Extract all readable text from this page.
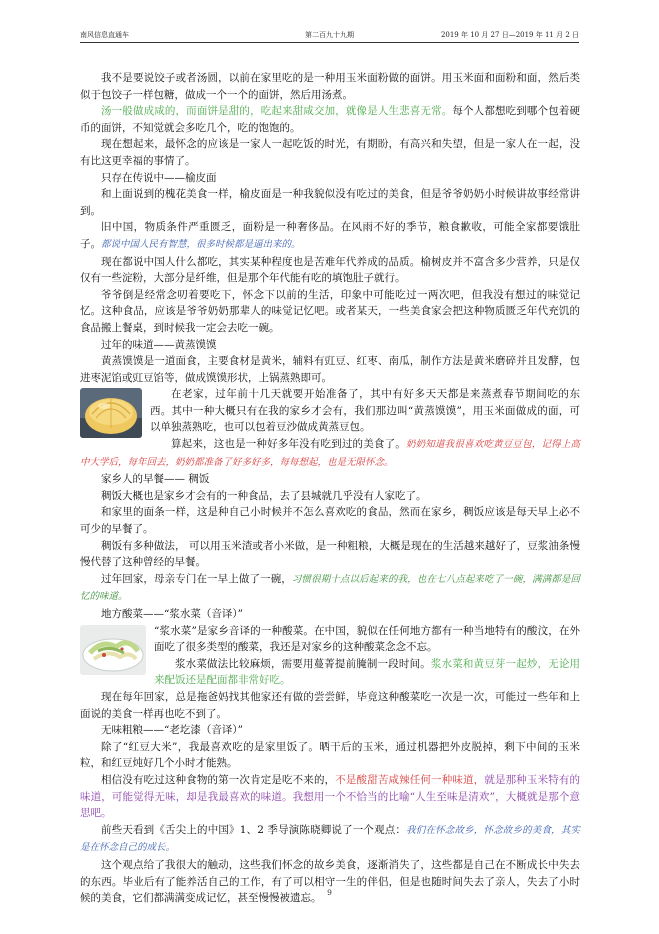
南风信息直通车	第二百九十九期	2019 年 10 月 27 日—2019 年 11 月 2 日

我不是要说饺子或者汤圆，以前在家里吃的是一种用玉米面粉做的面饼。用玉米面和面粉和面，然后类似于包饺子一样包糖，做成一个一个的面饼，然后用汤煮。

汤一般做成咸的，而面饼是甜的，吃起来甜咸交加，就像是人生悲喜无常。每个人都想吃到哪个包着硬币的面饼，不知觉就会多吃几个，吃的饱饱的。

现在想起来，最怀念的应该是一家人一起吃饭的时光，有期盼，有高兴和失望，但是一家人在一起，没有比这更幸福的事情了。

只存在传说中——榆皮面

和上面说到的槐花美食一样，榆皮面是一种我貌似没有吃过的美食，但是爷爷奶奶小时候讲故事经常讲到。

旧中国，物质条件严重匮乏，面粉是一种奢侈品。在风雨不好的季节，粮食歉收，可能全家都要饿肚子。都说中国人民有智慧，很多时候都是逼出来的。

现在都说中国人什么都吃，其实某种程度也是苦难年代养成的品质。榆树皮并不富含多少营养，只是仅仅有一些淀粉，大部分是纤维，但是那个年代能有吃的填饱肚子就行。

爷爷倒是经常念叨着要吃下，怀念下以前的生活，印象中可能吃过一两次吧，但我没有想过的味觉记忆。这种食品，应该是爷爷奶奶那辈人的味觉记忆吧。或者某天，一些美食家会把这种物质匮乏年代充饥的食品搬上餐桌，到时候我一定会去吃一碗。

过年的味道——黄蒸馍馍

黄蒸馍馍是一道面食，主要食材是黄米，辅料有豇豆、红枣、南瓜，制作方法是黄米磨碎并且发酵，包进枣泥馅或豇豆馅等，做成馍馍形状，上锅蒸熟即可。

在老家，过年前十几天就要开始准备了，其中有好多天天都是来蒸煮春节期间吃的东西。其中一种大概只有在我的家乡才会有，我们那边叫“黄蒸馍馍”，用玉米面做成的面，可以单独蒸熟吃，也可以包着豆沙做成黄蒸豆包。

算起来，这也是一种好多年没有吃到过的美食了。奶奶知道我很喜欢吃黄豆豆包，记得上高中大学后，每年回去，奶奶都准备了好多好多，每每想起，也是无限怀念。

家乡人的早餐—— 稠饭

稠饭大概也是家乡才会有的一种食品，去了县城就几乎没有人家吃了。

和家里的面条一样，这是种自己小时候并不怎么喜欢吃的食品，然而在家乡，稠饭应该是每天早上必不可少的早餐了。

稠饭有多种做法， 可以用玉米渣或者小米做，是一种粗粮，大概是现在的生活越来越好了，豆浆油条慢慢代替了这种曾经的早餐。

过年回家，母亲专门在一早上做了一碗，习惯很期十点以后起来的我，也在七八点起来吃了一碗，满满都是回忆的味道。

地方酸菜——“浆水菜（音译）”

“浆水菜”是家乡音译的一种酸菜。在中国，貌似在任何地方都有一种当地特有的酸汶，在外面吃了很多类型的酸菜，我还是对家乡的这种酸菜念念不忘。

浆水菜做法比较麻烦，需要用蔓菁提前腌制一段时间。浆水菜和黄豆芽一起炒，无论用来配饭还是配面都非常好吃。

现在每年回家，总是拖爸妈找其他家还有做的尝尝鲜，毕竟这种酸菜吃一次是一次，可能过一些年和上面说的美食一样再也吃不到了。

无味粗粮——“老圪漆（音译）”

除了“红豆大米”，我最喜欢吃的是家里饭了。晒干后的玉米，通过机器把外皮脱掉，剩下中间的玉米粒，和红豆炖好几个小时才能熟。

相信没有吃过这种食物的第一次肯定是吃不来的，不是酸甜苦咸辣任何一种味道，就是那种玉米特有的味道，可能觉得无味，却是我最喜欢的味道。我想用一个不恰当的比喻“人生至味是清欢”，大概就是那个意思吧。

前些天看到《舌尖上的中国》1、2 季导演陈晓卿说了一个观点：我们在怀念故乡，怀念故乡的美食，其实是在怀念自己的成长。

这个观点给了我很大的触动，这些我们怀念的故乡美食，逐渐消失了，这些都是自己在不断成长中失去的东西。毕业后有了能养活自己的工作，有了可以相守一生的伴侣，但是也随时间失去了亲人，失去了小时候的美食，它们都满满变成记忆，甚至慢慢被遗忘。 9
